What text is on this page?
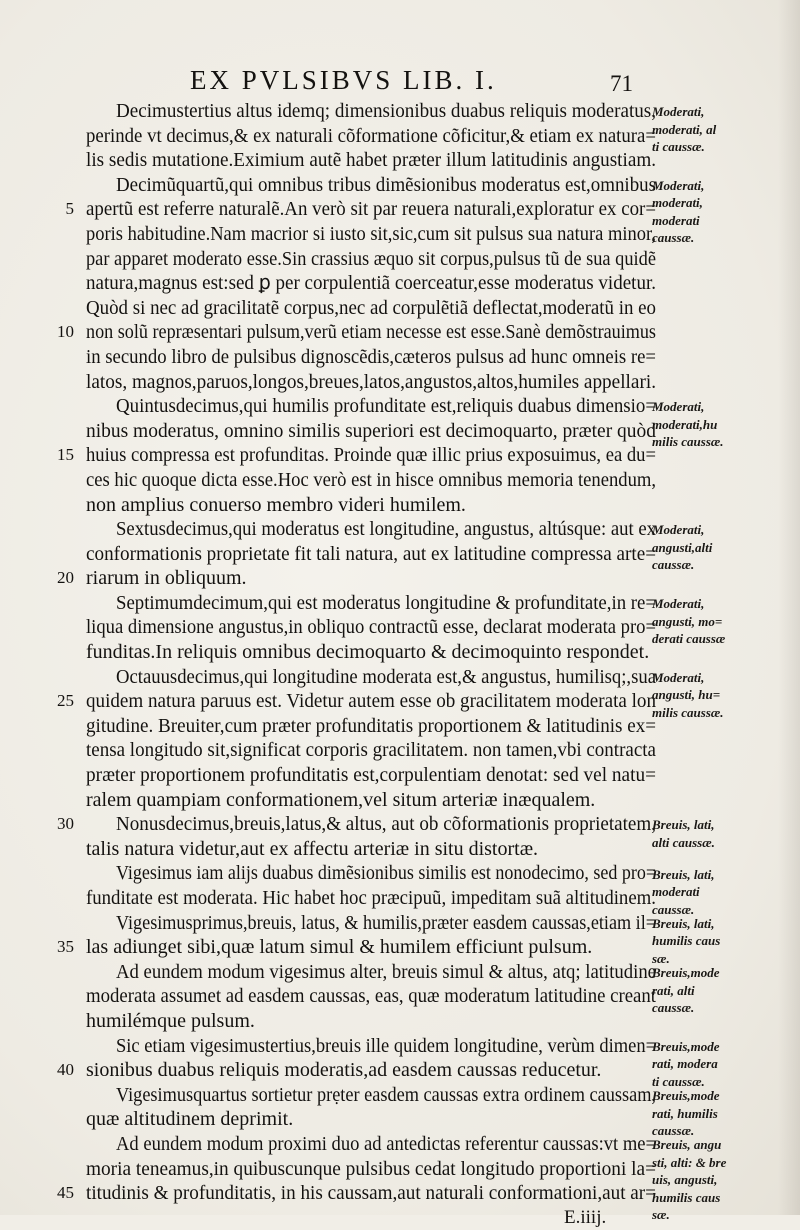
EX PVLSIBVS LIB. I.	71
Decimustertius altus idemq; dimensionibus duabus reliquis moderatus,
perinde vt decimus,& ex naturali cõformatione cõficitur,& etiam ex natura=
lis sedis mutatione.Eximium autẽ habet præter illum latitudinis angustiam.
Decimũquartũ,qui omnibus tribus dimẽsionibus moderatus est,omnibus
apertũ est referre naturalẽ.An verò sit par reuera naturali,exploratur ex cor=
5
poris habitudine.Nam macrior si iusto sit,sic,cum sit pulsus sua natura minor,
par apparet moderato esse.Sin crassius æquo sit corpus,pulsus tũ de sua quidẽ
natura,magnus est:sed ꝑ per corpulentiã coerceatur,esse moderatus videtur.
Quòd si nec ad gracilitatẽ corpus,nec ad corpulẽtiã deflectat,moderatũ in eo
non solũ repræsentari pulsum,verũ etiam necesse est esse.Sanè demõstrauimus
10
in secundo libro de pulsibus dignoscẽdis,cæteros pulsus ad hunc omneis re=
latos, magnos,paruos,longos,breues,latos,angustos,altos,humiles appellari.
Quintusdecimus,qui humilis profunditate est,reliquis duabus dimensio=
nibus moderatus, omnino similis superiori est decimoquarto, præter quòd
huius compressa est profunditas. Proinde quæ illic prius exposuimus, ea du=
15
ces hic quoque dicta esse.Hoc verò est in hisce omnibus memoria tenendum,
non amplius conuerso membro videri humilem.
Sextusdecimus,qui moderatus est longitudine, angustus, altúsque: aut ex
conformationis proprietate fit tali natura, aut ex latitudine compressa arte=
riarum in obliquum.
20
Septimumdecimum,qui est moderatus longitudine & profunditate,in re=
liqua dimensione angustus,in obliquo contractũ esse, declarat moderata pro=
funditas.In reliquis omnibus decimoquarto & decimoquinto respondet.
Octauusdecimus,qui longitudine moderata est,& angustus, humilisq;,sua
quidem natura paruus est. Videtur autem esse ob gracilitatem moderata lon
25
gitudine. Breuiter,cum præter profunditatis proportionem & latitudinis ex=
tensa longitudo sit,significat corporis gracilitatem. non tamen,vbi contracta
præter proportionem profunditatis est,corpulentiam denotat: sed vel natu=
ralem quampiam conformationem,vel situm arteriæ inæqualem.
Nonusdecimus,breuis,latus,& altus, aut ob cõformationis proprietatem,
30
talis natura videtur,aut ex affectu arteriæ in situ distortæ.
Vigesimus iam alijs duabus dimẽsionibus similis est nonodecimo, sed pro=
funditate est moderata. Hic habet hoc præcipuũ, impeditam suã altitudinem.
Vigesimusprimus,breuis, latus, & humilis,præter easdem caussas,etiam il=
las adiunget sibi,quæ latum simul & humilem efficiunt pulsum.
35
Ad eundem modum vigesimus alter, breuis simul & altus, atq; latitudine
moderata assumet ad easdem caussas, eas, quæ moderatum latitudine creant
humilémque pulsum.
Sic etiam vigesimustertius,breuis ille quidem longitudine, verùm dimen=
sionibus duabus reliquis moderatis,ad easdem caussas reducetur.
40
Vigesimusquartus sortietur prẹter easdem caussas extra ordinem caussam,
quæ altitudinem deprimit.
Ad eundem modum proximi duo ad antedictas referentur caussas:vt me=
moria teneamus,in quibuscunque pulsibus cedat longitudo proportioni la=
titudinis & profunditatis, in his caussam,aut naturali conformationi,aut ar=
45
E.iiij.
Moderati,
moderati, al
ti caussæ.
Moderati,
moderati,
moderati
caussæ.
Moderati,
moderati,hu
milis caussæ.
Moderati,
angusti,alti
caussæ.
Moderati,
angusti, mo=
derati caussæ
Moderati,
angusti, hu=
milis caussæ.
Breuis, lati,
alti caussæ.
Breuis, lati,
moderati
caussæ.
Breuis, lati,
humilis caus
sæ.
Breuis,mode
rati, alti
caussæ.
Breuis,mode
rati, modera
ti caussæ.
Breuis,mode
rati, humilis
caussæ.
Breuis, angu
sti, alti: & bre
uis, angusti,
humilis caus
sæ.
